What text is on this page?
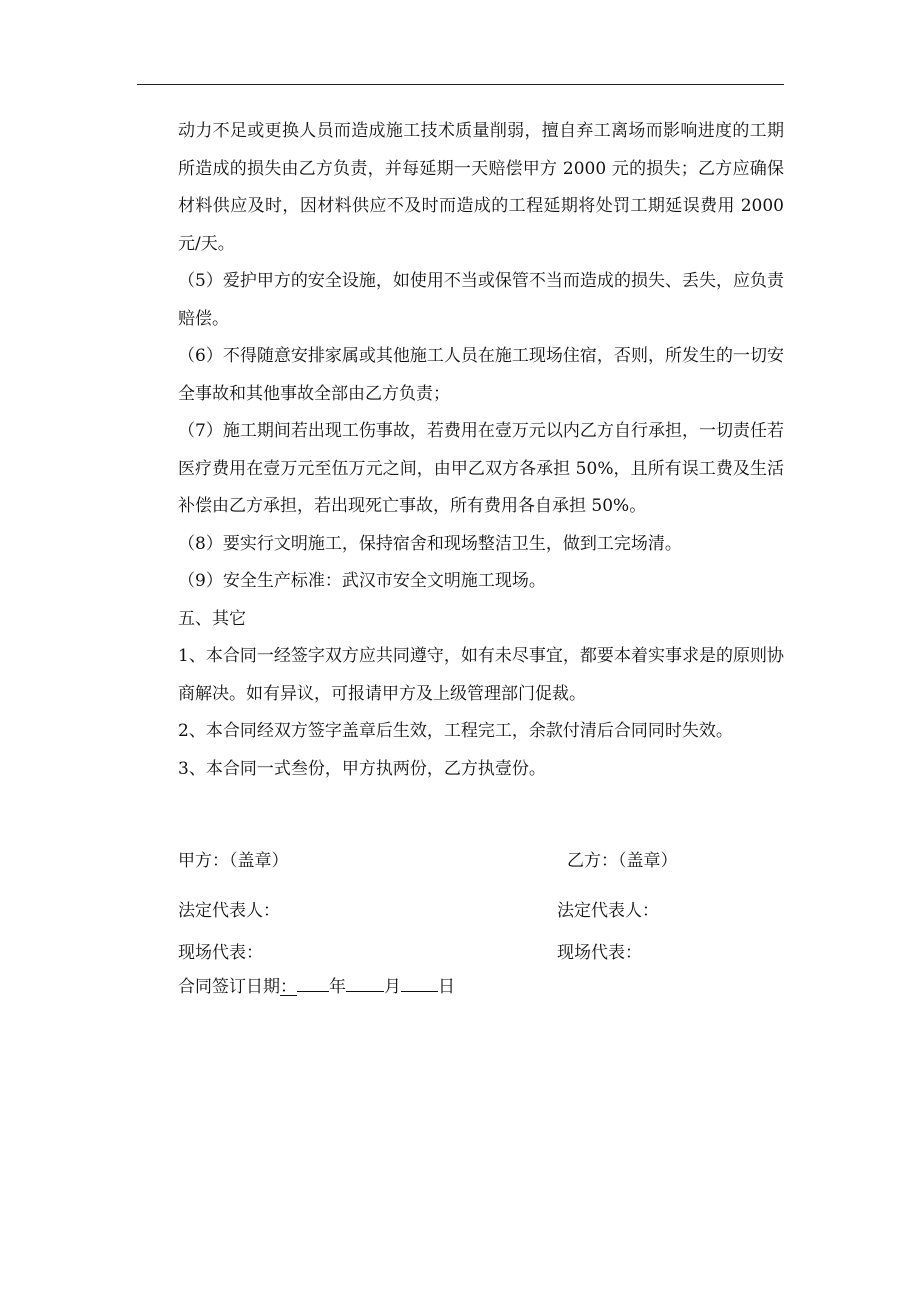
动力不足或更换人员而造成施工技术质量削弱，擅自弃工离场而影响进度的工期所造成的损失由乙方负责，并每延期一天赔偿甲方 2000 元的损失；乙方应确保材料供应及时，因材料供应不及时而造成的工程延期将处罚工期延误费用 2000 元/天。

（5）爱护甲方的安全设施，如使用不当或保管不当而造成的损失、丢失，应负责赔偿。

（6）不得随意安排家属或其他施工人员在施工现场住宿，否则，所发生的一切安全事故和其他事故全部由乙方负责；

（7）施工期间若出现工伤事故，若费用在壹万元以内乙方自行承担，一切责任若医疗费用在壹万元至伍万元之间，由甲乙双方各承担 50%，且所有误工费及生活补偿由乙方承担，若出现死亡事故，所有费用各自承担 50%。

（8）要实行文明施工，保持宿舍和现场整洁卫生，做到工完场清。

（9）安全生产标准：武汉市安全文明施工现场。

五、其它

1、本合同一经签字双方应共同遵守，如有未尽事宜，都要本着实事求是的原则协商解决。如有异议，可报请甲方及上级管理部门促裁。

2、本合同经双方签字盖章后生效，工程完工，余款付清后合同同时失效。

3、本合同一式叁份，甲方执两份，乙方执壹份。

甲方：（盖章）	乙方：（盖章）
法定代表人：	法定代表人：
现场代表：	现场代表：
合同签订日期： 年 月 日
